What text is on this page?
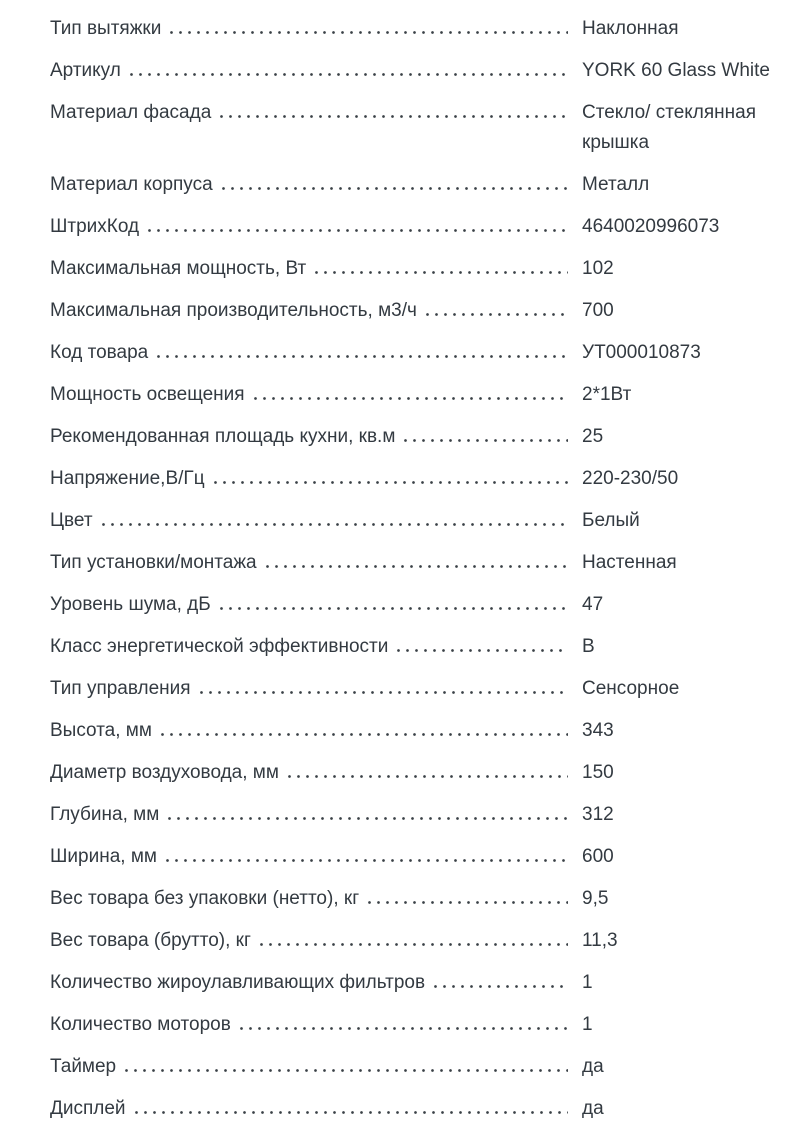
Тип вытяжки	Наклонная
Артикул	YORK 60 Glass White
Материал фасада	Стекло/ стеклянная крышка
Материал корпуса	Металл
ШтрихКод	4640020996073
Максимальная мощность, Вт	102
Максимальная производительность, м3/ч	700
Код товара	УТ000010873
Мощность освещения	2*1Вт
Рекомендованная площадь кухни, кв.м	25
Напряжение,В/Гц	220-230/50
Цвет	Белый
Тип установки/монтажа	Настенная
Уровень шума, дБ	47
Класс энергетической эффективности	B
Тип управления	Сенсорное
Высота, мм	343
Диаметр воздуховода, мм	150
Глубина, мм	312
Ширина, мм	600
Вес товара без упаковки (нетто), кг	9,5
Вес товара (брутто), кг	11,3
Количество жироулавливающих фильтров	1
Количество моторов	1
Таймер	да
Дисплей	да
